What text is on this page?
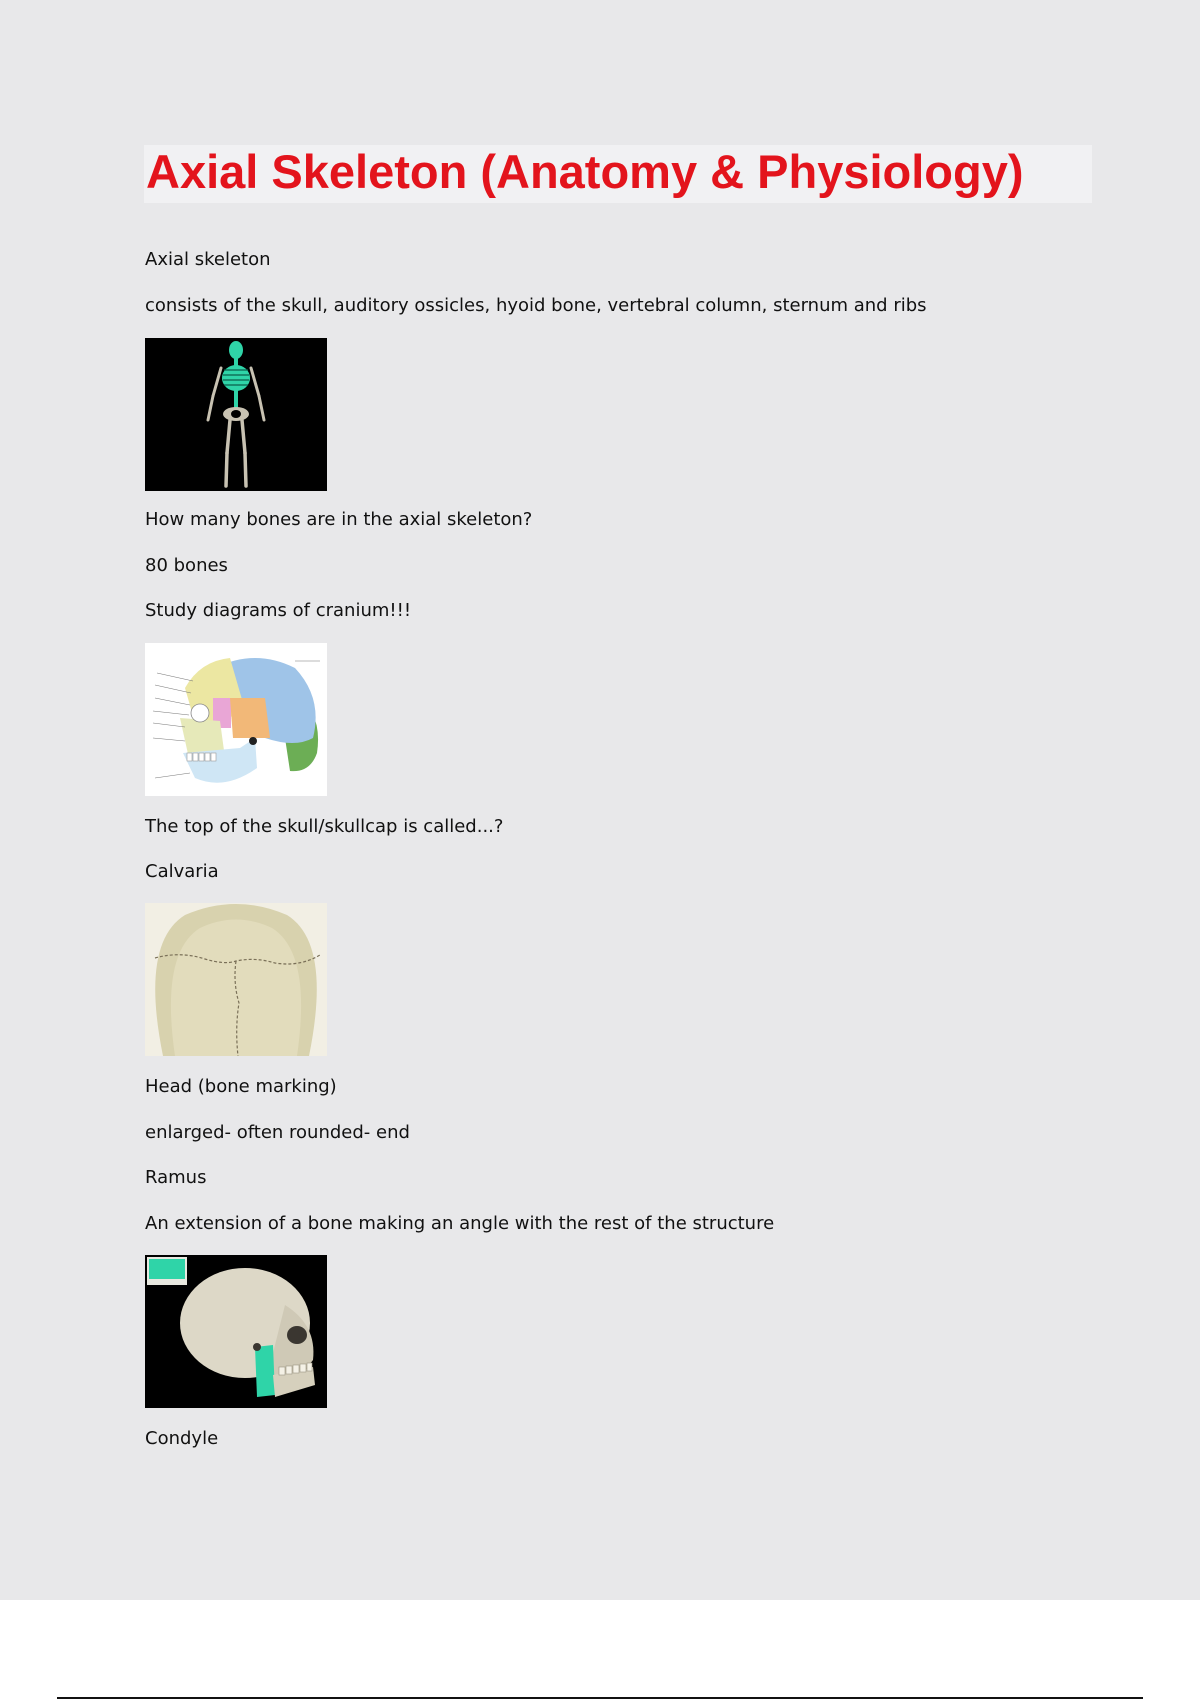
Axial Skeleton (Anatomy & Physiology)
Axial skeleton
consists of the skull, auditory ossicles, hyoid bone, vertebral column, sternum and ribs
How many bones are in the axial skeleton?
80 bones
Study diagrams of cranium!!!
The top of the skull/skullcap is called...?
Calvaria
Head (bone marking)
enlarged- often rounded- end
Ramus
An extension of a bone making an angle with the rest of the structure
Condyle
